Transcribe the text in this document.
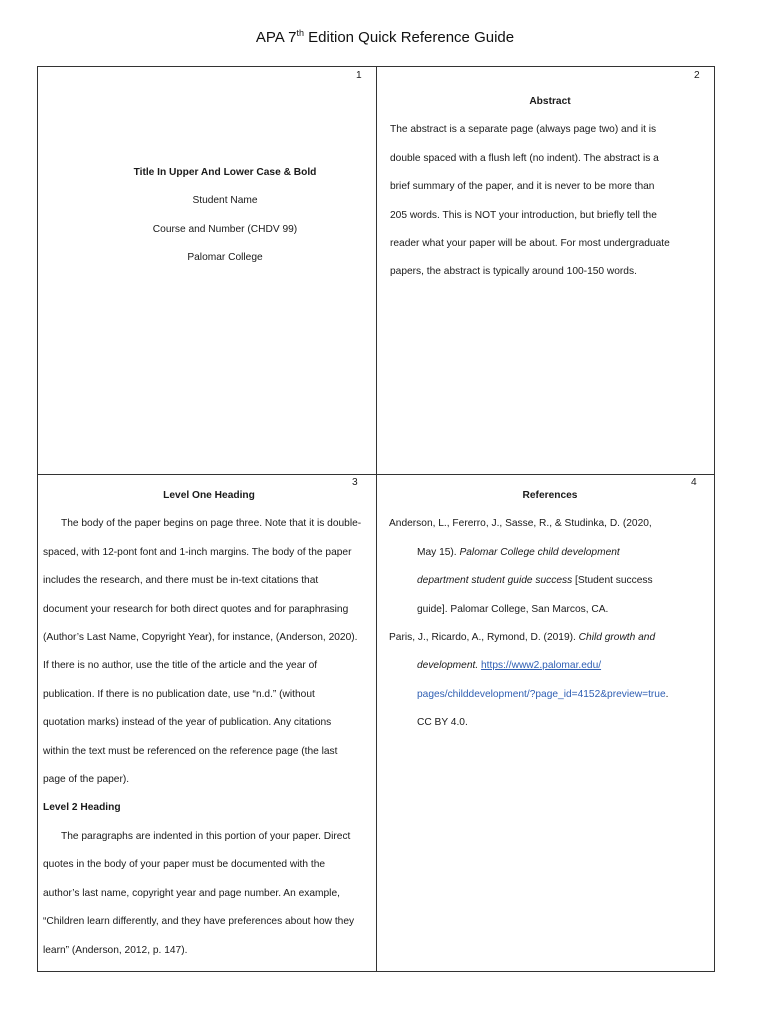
APA 7th Edition Quick Reference Guide
1

Title In Upper And Lower Case & Bold

Student Name

Course and Number (CHDV 99)

Palomar College

2

Abstract

The abstract is a separate page (always page two) and it is

double spaced with a flush left (no indent). The abstract is a

brief summary of the paper, and it is never to be more than

205 words. This is NOT your introduction, but briefly tell the

reader what your paper will be about. For most undergraduate

papers, the abstract is typically around 100-150 words.

3

Level One Heading

The body of the paper begins on page three. Note that it is double-

spaced, with 12-pont font and 1-inch margins. The body of the paper

includes the research, and there must be in-text citations that

document your research for both direct quotes and for paraphrasing

(Author’s Last Name, Copyright Year), for instance, (Anderson, 2020).

If there is no author, use the title of the article and the year of

publication. If there is no publication date, use “n.d.” (without

quotation marks) instead of the year of publication. Any citations

within the text must be referenced on the reference page (the last

page of the paper).

Level 2 Heading

The paragraphs are indented in this portion of your paper. Direct

quotes in the body of your paper must be documented with the

author’s last name, copyright year and page number. An example,

“Children learn differently, and they have preferences about how they

learn” (Anderson, 2012, p. 147).

4

References

Anderson, L., Fererro, J., Sasse, R., & Studinka, D. (2020,

May 15). Palomar College child development

department student guide success [Student success

guide]. Palomar College, San Marcos, CA.

Paris, J., Ricardo, A., Rymond, D. (2019). Child growth and

development. https://www2.palomar.edu/

pages/childdevelopment/?page_id=4152&preview=true.

CC BY 4.0.
